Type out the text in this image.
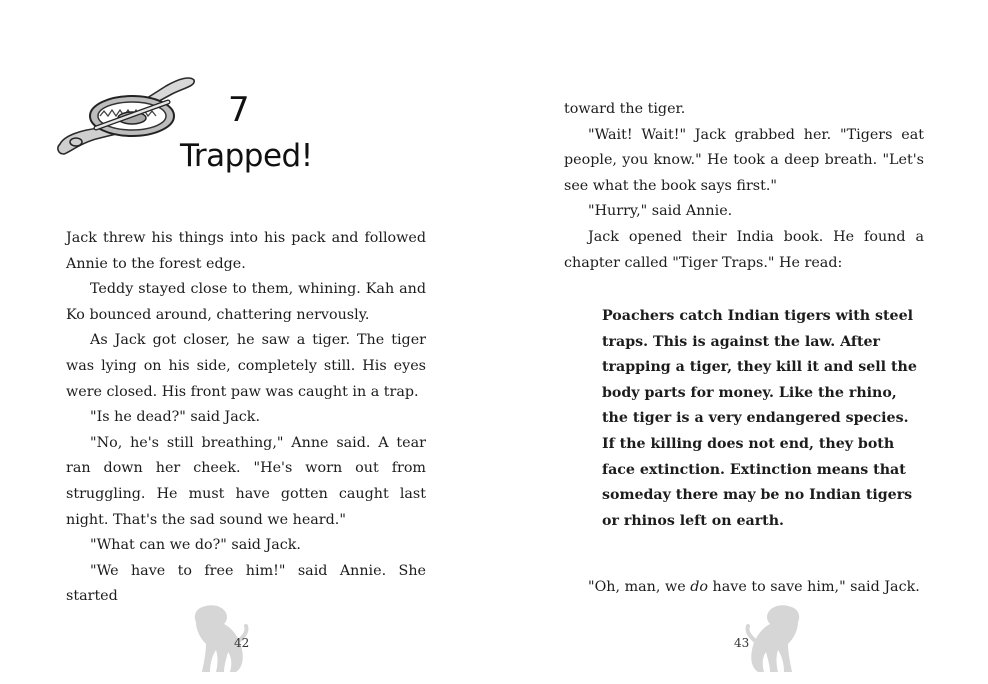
7
Trapped!

Jack threw his things into his pack and followed Annie to the forest edge.

Teddy stayed close to them, whining. Kah and Ko bounced around, chattering nervously.

As Jack got closer, he saw a tiger. The tiger was lying on his side, completely still. His eyes were closed. His front paw was caught in a trap.

"Is he dead?" said Jack.

"No, he's still breathing," Anne said. A tear ran down her cheek. "He's worn out from struggling. He must have gotten caught last night. That's the sad sound we heard."

"What can we do?" said Jack.

"We have to free him!" said Annie. She started

42

toward the tiger.

"Wait! Wait!" Jack grabbed her. "Tigers eat people, you know." He took a deep breath. "Let's see what the book says first."

"Hurry," said Annie.

Jack opened their India book. He found a chapter called "Tiger Traps." He read:

Poachers catch Indian tigers with steel
traps. This is against the law. After
trapping a tiger, they kill it and sell the
body parts for money. Like the rhino,
the tiger is a very endangered species.
If the killing does not end, they both
face extinction. Extinction means that
someday there may be no Indian tigers
or rhinos left on earth.

"Oh, man, we do have to save him," said Jack.

43
